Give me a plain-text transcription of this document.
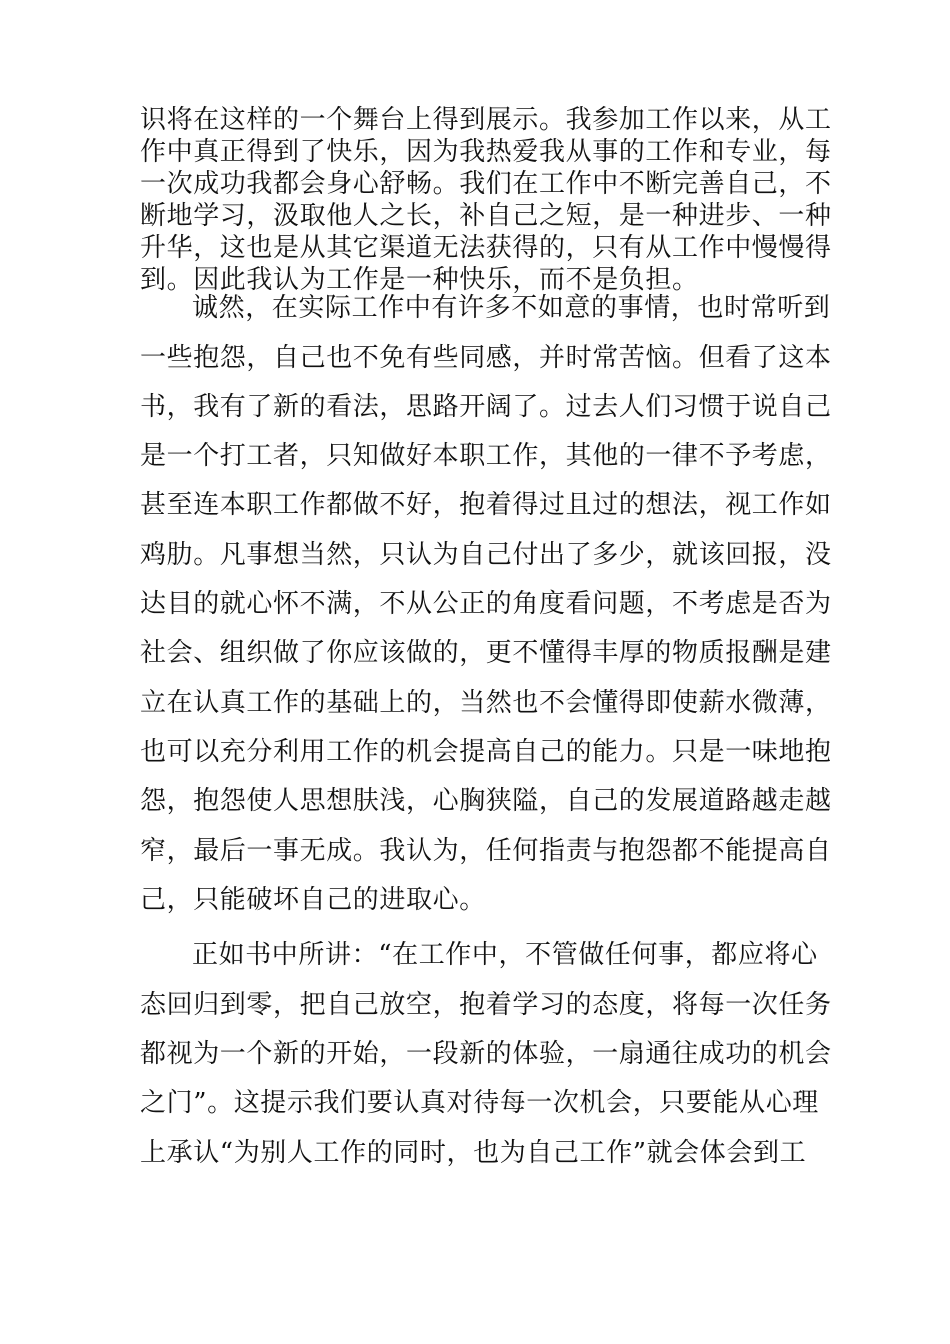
识将在这样的一个舞台上得到展示。我参加工作以来，从工
作中真正得到了快乐，因为我热爱我从事的工作和专业，每
一次成功我都会身心舒畅。我们在工作中不断完善自己，不
断地学习，汲取他人之长，补自己之短，是一种进步、一种
升华，这也是从其它渠道无法获得的，只有从工作中慢慢得
到。因此我认为工作是一种快乐，而不是负担。
诚然，在实际工作中有许多不如意的事情，也时常听到
一些抱怨，自己也不免有些同感，并时常苦恼。但看了这本
书，我有了新的看法，思路开阔了。过去人们习惯于说自己
是一个打工者，只知做好本职工作，其他的一律不予考虑，
甚至连本职工作都做不好，抱着得过且过的想法，视工作如
鸡肋。凡事想当然，只认为自己付出了多少，就该回报，没
达目的就心怀不满，不从公正的角度看问题，不考虑是否为
社会、组织做了你应该做的，更不懂得丰厚的物质报酬是建
立在认真工作的基础上的，当然也不会懂得即使薪水微薄，
也可以充分利用工作的机会提高自己的能力。只是一味地抱
怨，抱怨使人思想肤浅，心胸狭隘，自己的发展道路越走越
窄，最后一事无成。我认为，任何指责与抱怨都不能提高自
己，只能破坏自己的进取心。
正如书中所讲：“在工作中，不管做任何事，都应将心
态回归到零，把自己放空，抱着学习的态度，将每一次任务
都视为一个新的开始，一段新的体验，一扇通往成功的机会
之门”。这提示我们要认真对待每一次机会，只要能从心理
上承认“为别人工作的同时，也为自己工作”就会体会到工
